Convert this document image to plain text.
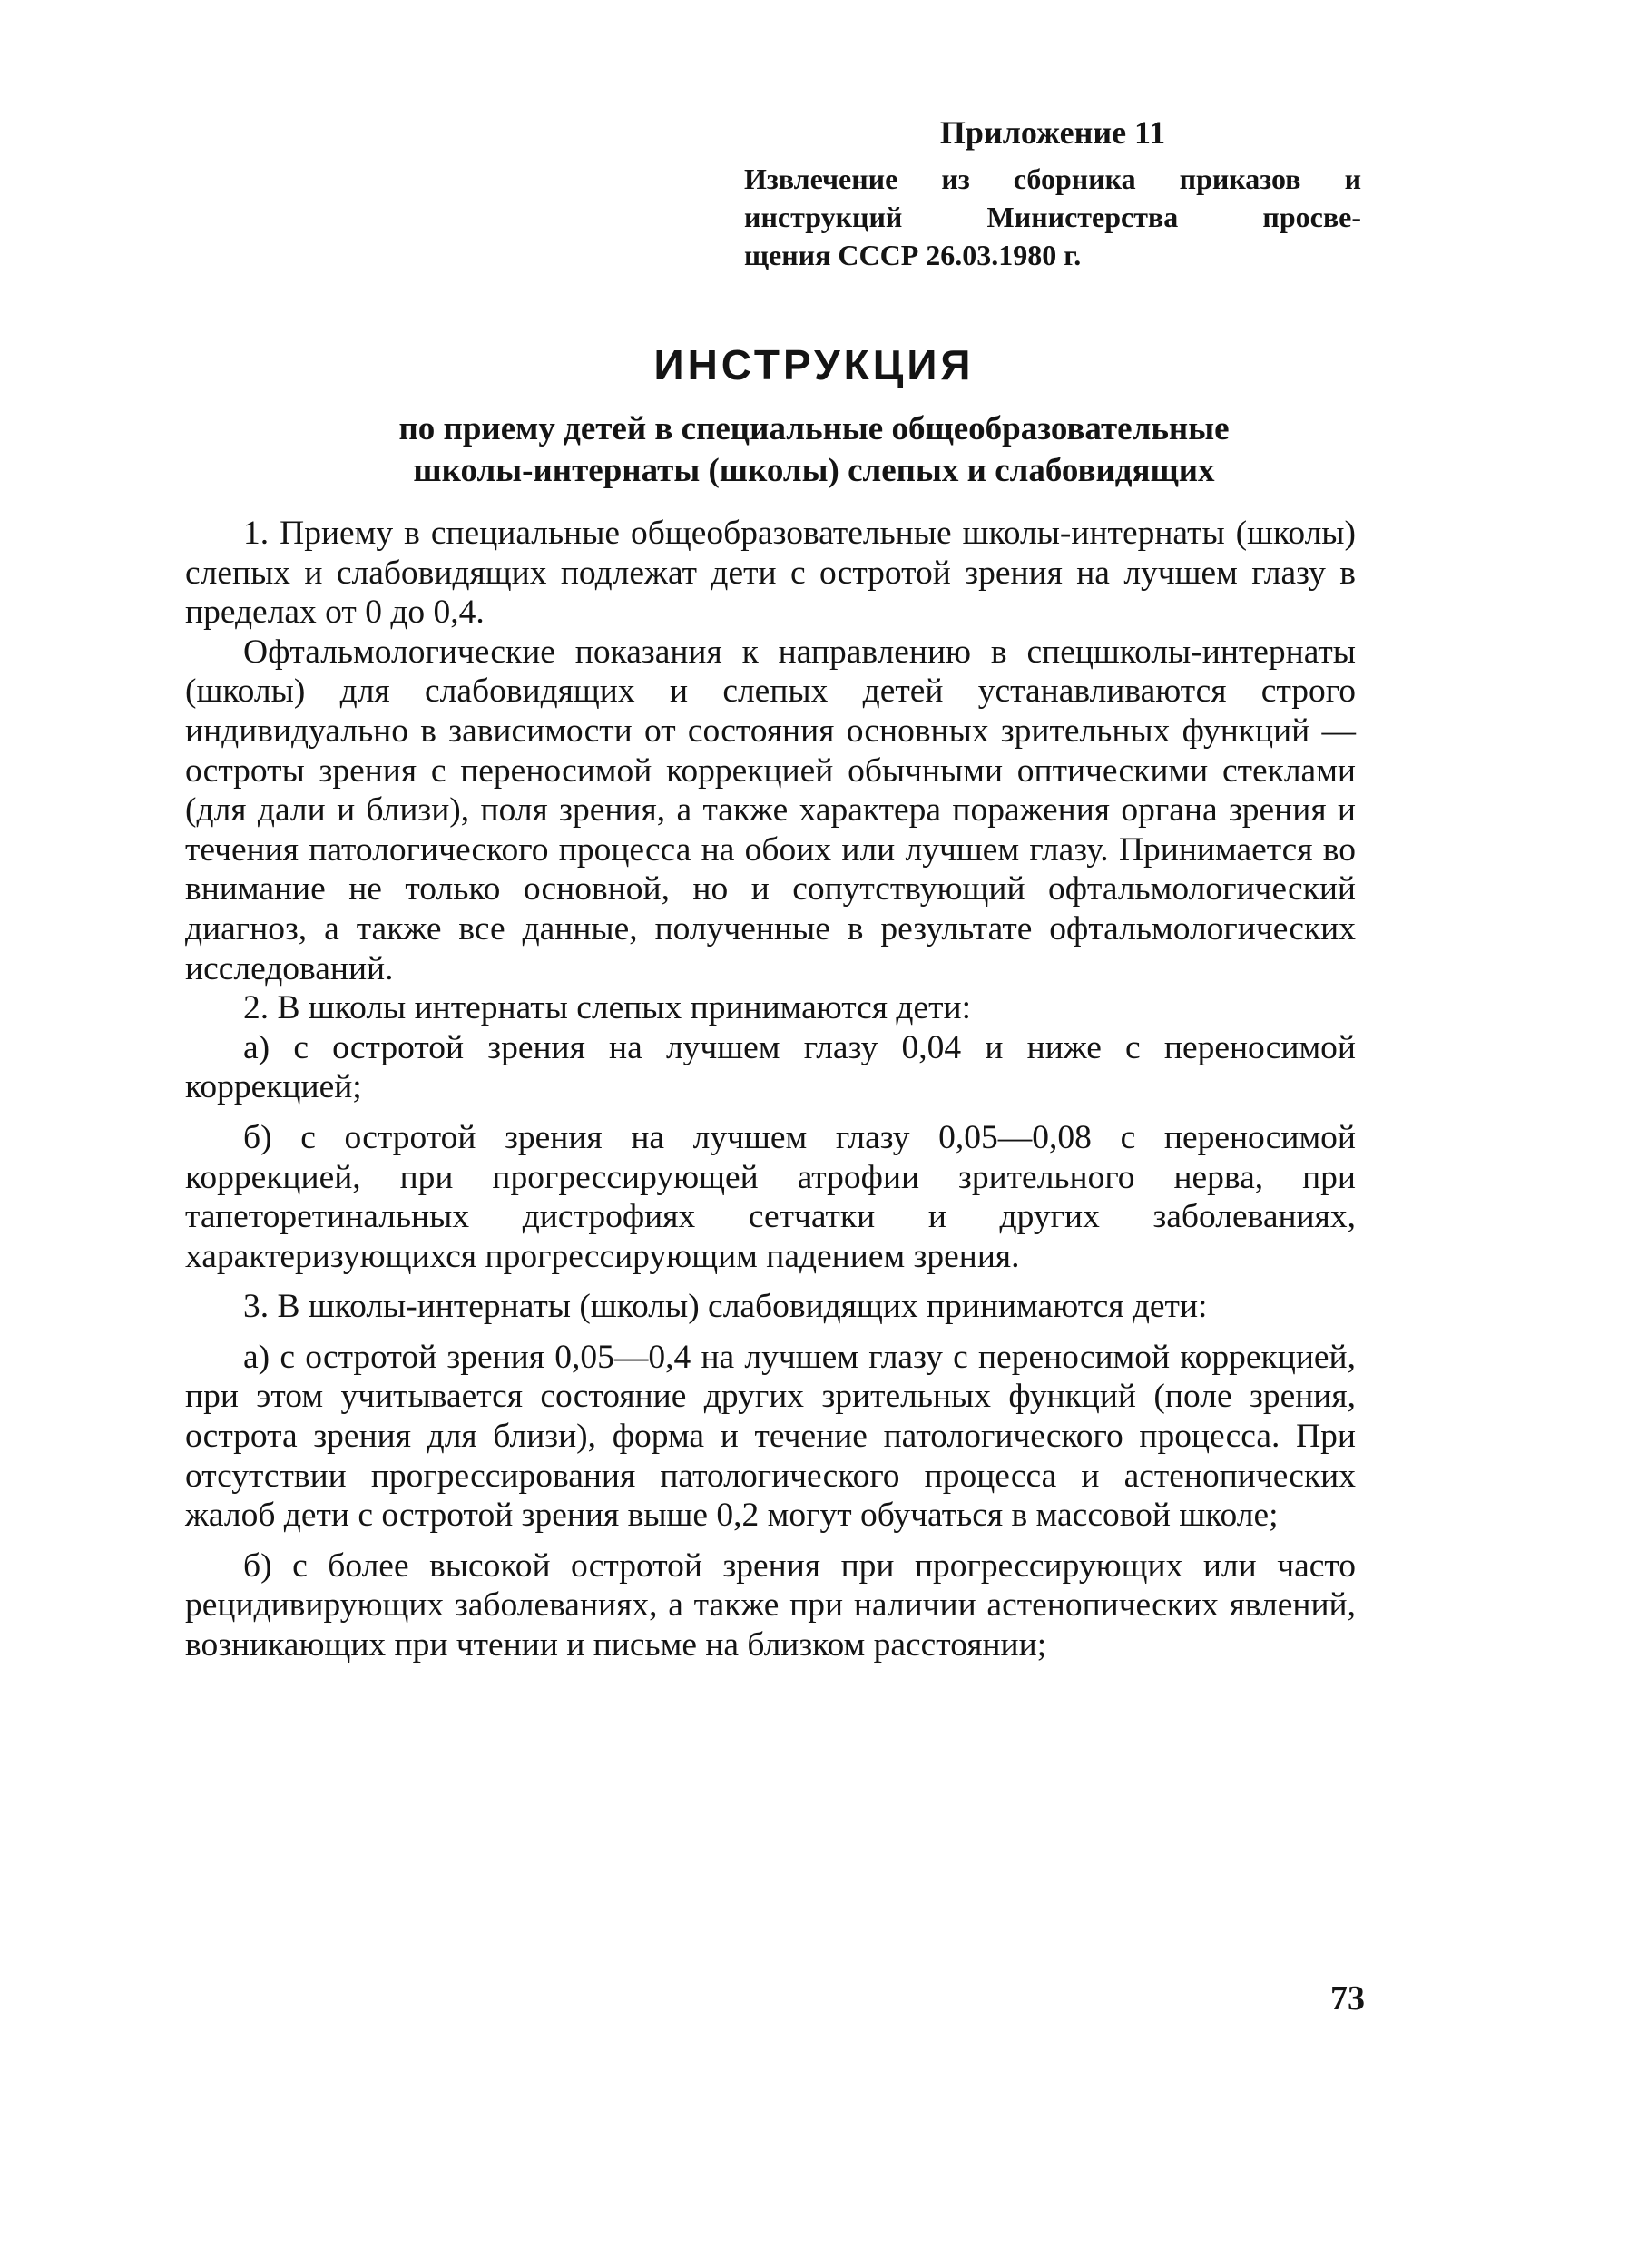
Приложение 11

Извлечение из сборника приказов и
инструкций Министерства просве-
щения СССР 26.03.1980 г.

ИНСТРУКЦИЯ

по приему детей в специальные общеобразовательные

школы-интернаты (школы) слепых и слабовидящих

1. Приему в специальные общеобразовательные школы-интернаты (школы) слепых и слабовидящих подлежат дети с остротой зрения на лучшем глазу в пределах от 0 до 0,4.

Офтальмологические показания к направлению в спецшколы-интернаты (школы) для слабовидящих и слепых детей устанавливаются строго индивидуально в зависимости от состояния основных зрительных функций — остроты зрения с переносимой коррекцией обычными оптическими стеклами (для дали и близи), поля зрения, а также характера поражения органа зрения и течения патологического процесса на обоих или лучшем глазу. Принимается во внимание не только основной, но и сопутствующий офтальмологический диагноз, а также все данные, полученные в результате офтальмологических исследований.

2. В школы интернаты слепых принимаются дети:

а) с остротой зрения на лучшем глазу 0,04 и ниже с переносимой коррекцией;

б) с остротой зрения на лучшем глазу 0,05—0,08 с переносимой коррекцией, при прогрессирующей атрофии зрительного нерва, при тапеторетинальных дистрофиях сетчатки и других заболеваниях, характеризующихся прогрессирующим падением зрения.

3. В школы-интернаты (школы) слабовидящих принимаются дети:

а) с остротой зрения 0,05—0,4 на лучшем глазу с переносимой коррекцией, при этом учитывается состояние других зрительных функций (поле зрения, острота зрения для близи), форма и течение патологического процесса. При отсутствии прогрессирования патологического процесса и астенопических жалоб дети с остротой зрения выше 0,2 могут обучаться в массовой школе;

б) с более высокой остротой зрения при прогрессирующих или часто рецидивирующих заболеваниях, а также при наличии астенопических явлений, возникающих при чтении и письме на близком расстоянии;

73
